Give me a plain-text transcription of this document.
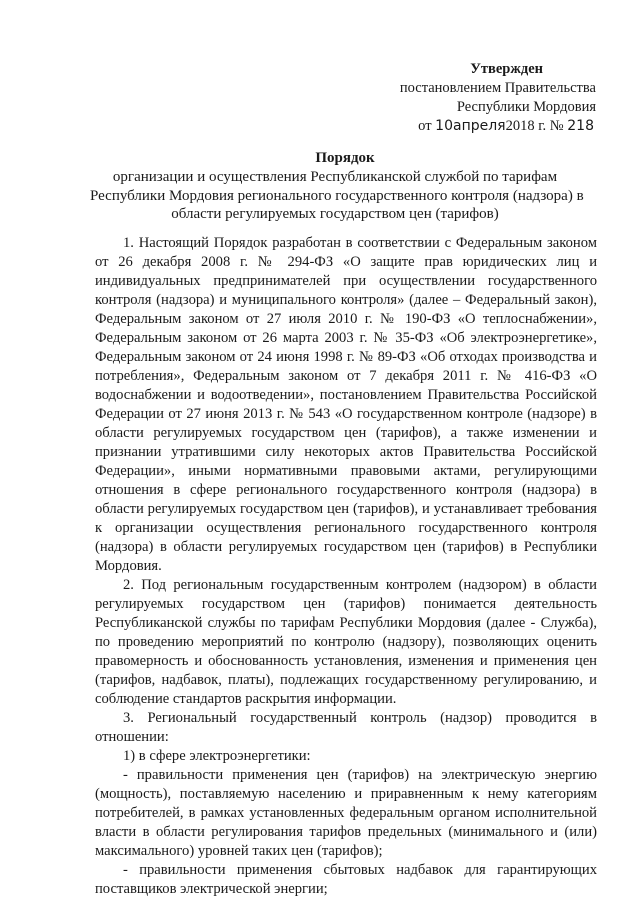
Утвержден
постановлением Правительства
Республики Мордовия
от 10апреля2018 г. № 218
Порядок
организации и осуществления Республиканской службой по тарифам
Республики Мордовия регионального государственного контроля (надзора) в
области регулируемых государством цен (тарифов)

1. Настоящий Порядок разработан в соответствии с Федеральным законом от 26 декабря 2008 г. № 294-ФЗ «О защите прав юридических лиц и индивидуальных предпринимателей при осуществлении государственного контроля (надзора) и муниципального контроля» (далее – Федеральный закон), Федеральным законом от 27 июля 2010 г. № 190-ФЗ «О теплоснабжении», Федеральным законом от 26 марта 2003 г. № 35-ФЗ «Об электроэнергетике», Федеральным законом от 24 июня 1998 г. № 89-ФЗ «Об отходах производства и потребления», Федеральным законом от 7 декабря 2011 г. № 416-ФЗ «О водоснабжении и водоотведении», постановлением Правительства Российской Федерации от 27 июня 2013 г. № 543 «О государственном контроле (надзоре) в области регулируемых государством цен (тарифов), а также изменении и признании утратившими силу некоторых актов Правительства Российской Федерации», иными нормативными правовыми актами, регулирующими отношения в сфере регионального государственного контроля (надзора) в области регулируемых государством цен (тарифов), и устанавливает требования к организации осуществления регионального государственного контроля (надзора) в области регулируемых государством цен (тарифов) в Республики Мордовия.

2. Под региональным государственным контролем (надзором) в области регулируемых государством цен (тарифов) понимается деятельность Республиканской службы по тарифам Республики Мордовия (далее - Служба), по проведению мероприятий по контролю (надзору), позволяющих оценить правомерность и обоснованность установления, изменения и применения цен (тарифов, надбавок, платы), подлежащих государственному регулированию, и соблюдение стандартов раскрытия информации.

3. Региональный государственный контроль (надзор) проводится в отношении:

1) в сфере электроэнергетики:

- правильности применения цен (тарифов) на электрическую энергию (мощность), поставляемую населению и приравненным к нему категориям потребителей, в рамках установленных федеральным органом исполнительной власти в области регулирования тарифов предельных (минимального и (или) максимального) уровней таких цен (тарифов);

- правильности применения сбытовых надбавок для гарантирующих поставщиков электрической энергии;
